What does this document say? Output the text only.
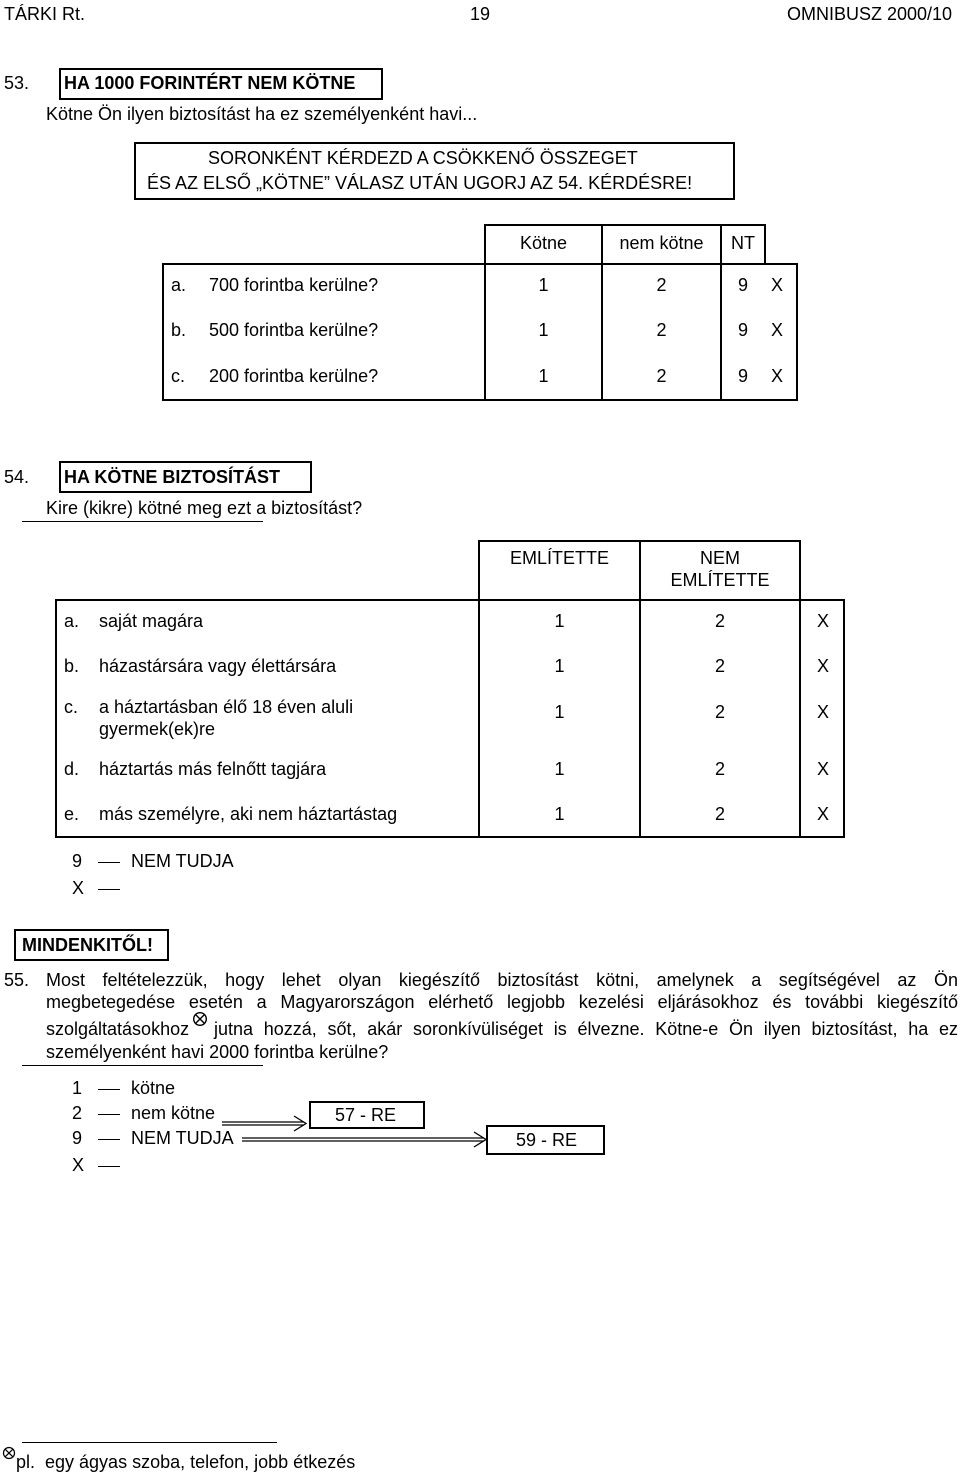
TÁRKI Rt.	19	OMNIBUSZ 2000/10
53. HA 1000 FORINTÉRT NEM KÖTNE
Kötne Ön ilyen biztosítást ha ez személyenként havi...
SORONKÉNT KÉRDEZD A CSÖKKENŐ ÖSSZEGET
ÉS AZ ELSŐ „KÖTNE” VÁLASZ UTÁN UGORJ AZ 54. KÉRDÉSRE!
Kötne	nem kötne	NT
a. 700 forintba kerülne?	1	2	9 X
b. 500 forintba kerülne?	1	2	9 X
c. 200 forintba kerülne?	1	2	9 X
54. HA KÖTNE BIZTOSÍTÁST
Kire (kikre) kötné meg ezt a biztosítást?
EMLÍTETTE	NEM
EMLÍTETTE
a. saját magára	1	2	X
b. házastársára vagy élettársára	1	2	X
c. a háztartásban élő 18 éven aluli
gyermek(ek)re
1	2	X
d. háztartás más felnőtt tagjára	1	2	X
e. más személyre, aki nem háztartástag	1	2	X
9	NEM TUDJA
X
MINDENKITŐL!
55. Most feltételezzük, hogy lehet olyan kiegészítő biztosítást kötni, amelynek a segítségével az Ön
megbetegedése esetén a Magyarországon elérhető legjobb kezelési eljárásokhoz és további kiegészítő
szolgáltatásokhoz jutna hozzá, sőt, akár soronkívüliséget is élvezne. Kötne-e Ön ilyen biztosítást, ha ez
személyenként havi 2000 forintba kerülne?
1	kötne
2	nem kötne
9	NEM TUDJA
X
57 - RE
59 - RE
pl.  egy ágyas szoba, telefon, jobb étkezés
